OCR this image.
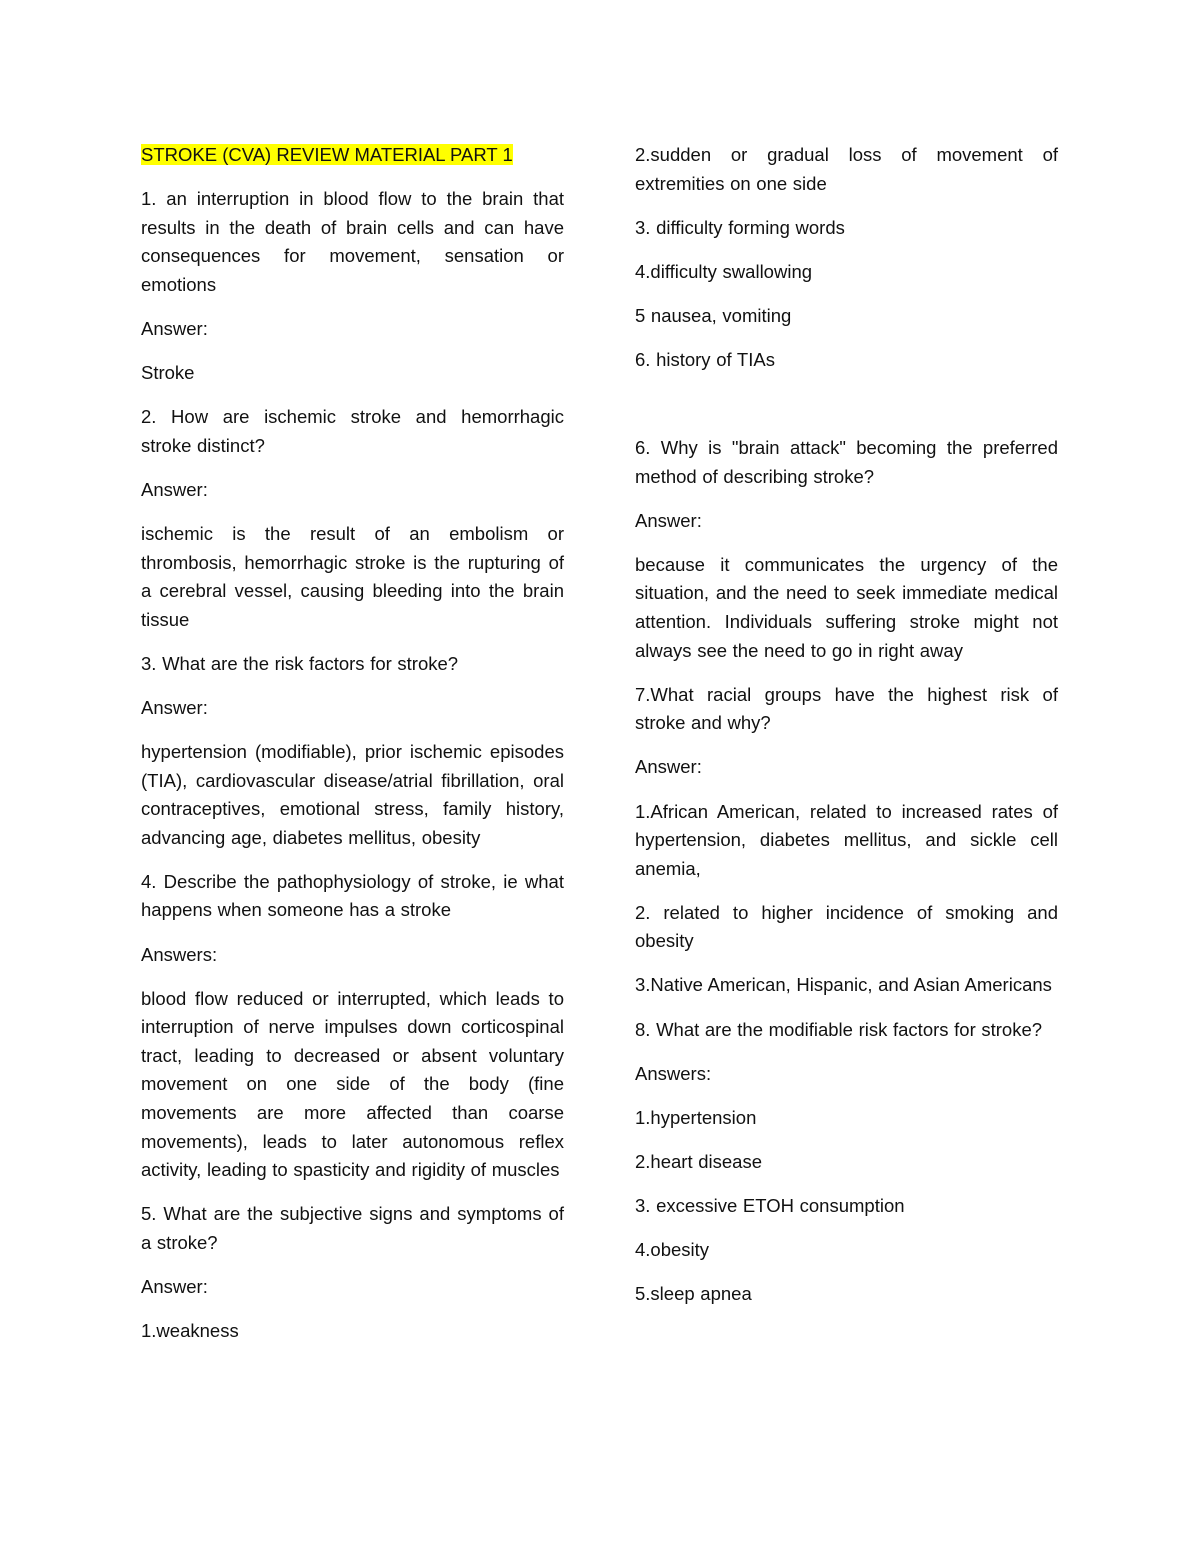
STROKE (CVA) REVIEW MATERIAL PART 1

1. an interruption in blood flow to the brain that results in the death of brain cells and can have consequences for movement, sensation or emotions

Answer:

Stroke

2. How are ischemic stroke and hemorrhagic stroke distinct?

Answer:

ischemic is the result of an embolism or thrombosis, hemorrhagic stroke is the rupturing of a cerebral vessel, causing bleeding into the brain tissue

3. What are the risk factors for stroke?

Answer:

hypertension (modifiable), prior ischemic episodes (TIA), cardiovascular disease/atrial fibrillation, oral contraceptives, emotional stress, family history, advancing age, diabetes mellitus, obesity

4. Describe the pathophysiology of stroke, ie what happens when someone has a stroke

Answers:

blood flow reduced or interrupted, which leads to interruption of nerve impulses down corticospinal tract, leading to decreased or absent voluntary movement on one side of the body (fine movements are more affected than coarse movements), leads to later autonomous reflex activity, leading to spasticity and rigidity of muscles

5. What are the subjective signs and symptoms of a stroke?

Answer:

1.weakness

2.sudden or gradual loss of movement of extremities on one side

3. difficulty forming words

4.difficulty swallowing

5 nausea, vomiting

6. history of TIAs

6. Why is "brain attack" becoming the preferred method of describing stroke?

Answer:

because it communicates the urgency of the situation, and the need to seek immediate medical attention. Individuals suffering stroke might not always see the need to go in right away

7.What racial groups have the highest risk of stroke and why?

Answer:

1.African American, related to increased rates of hypertension, diabetes mellitus, and sickle cell anemia,

2. related to higher incidence of smoking and obesity

3.Native American, Hispanic, and Asian Americans

8. What are the modifiable risk factors for stroke?

Answers:

1.hypertension

2.heart disease

3. excessive ETOH consumption

4.obesity

5.sleep apnea
